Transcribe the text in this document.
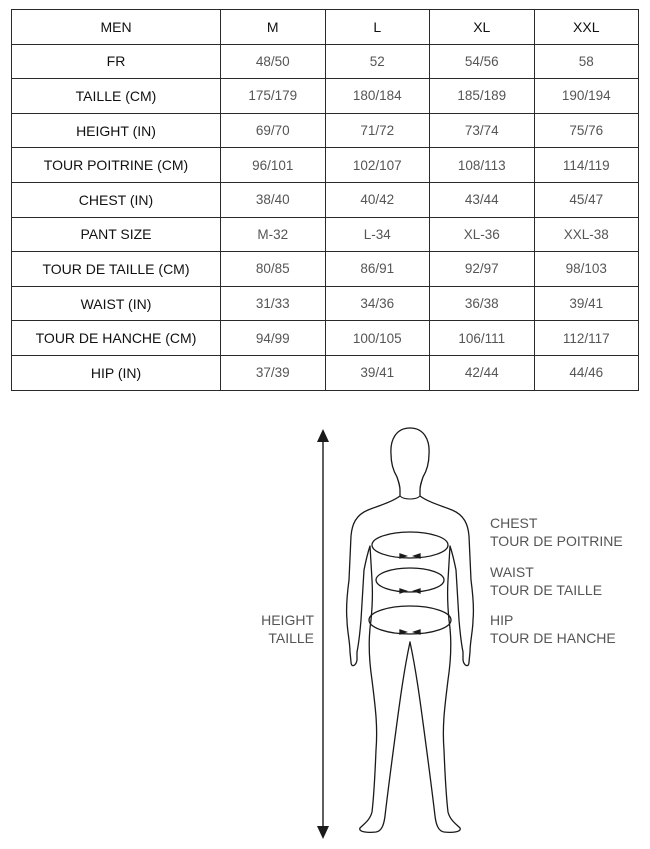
MEN	M	L	XL	XXL
FR	48/50	52	54/56	58
TAILLE (CM)	175/179	180/184	185/189	190/194
HEIGHT (IN)	69/70	71/72	73/74	75/76
TOUR POITRINE (CM)	96/101	102/107	108/113	114/119
CHEST (IN)	38/40	40/42	43/44	45/47
PANT SIZE	M-32	L-34	XL-36	XXL-38
TOUR DE TAILLE (CM)	80/85	86/91	92/97	98/103
WAIST (IN)	31/33	34/36	36/38	39/41
TOUR DE HANCHE (CM)	94/99	100/105	106/111	112/117
HIP (IN)	37/39	39/41	42/44	44/46
HEIGHT
TAILLE
CHEST
TOUR DE POITRINE
WAIST
TOUR DE TAILLE
HIP
TOUR DE HANCHE
